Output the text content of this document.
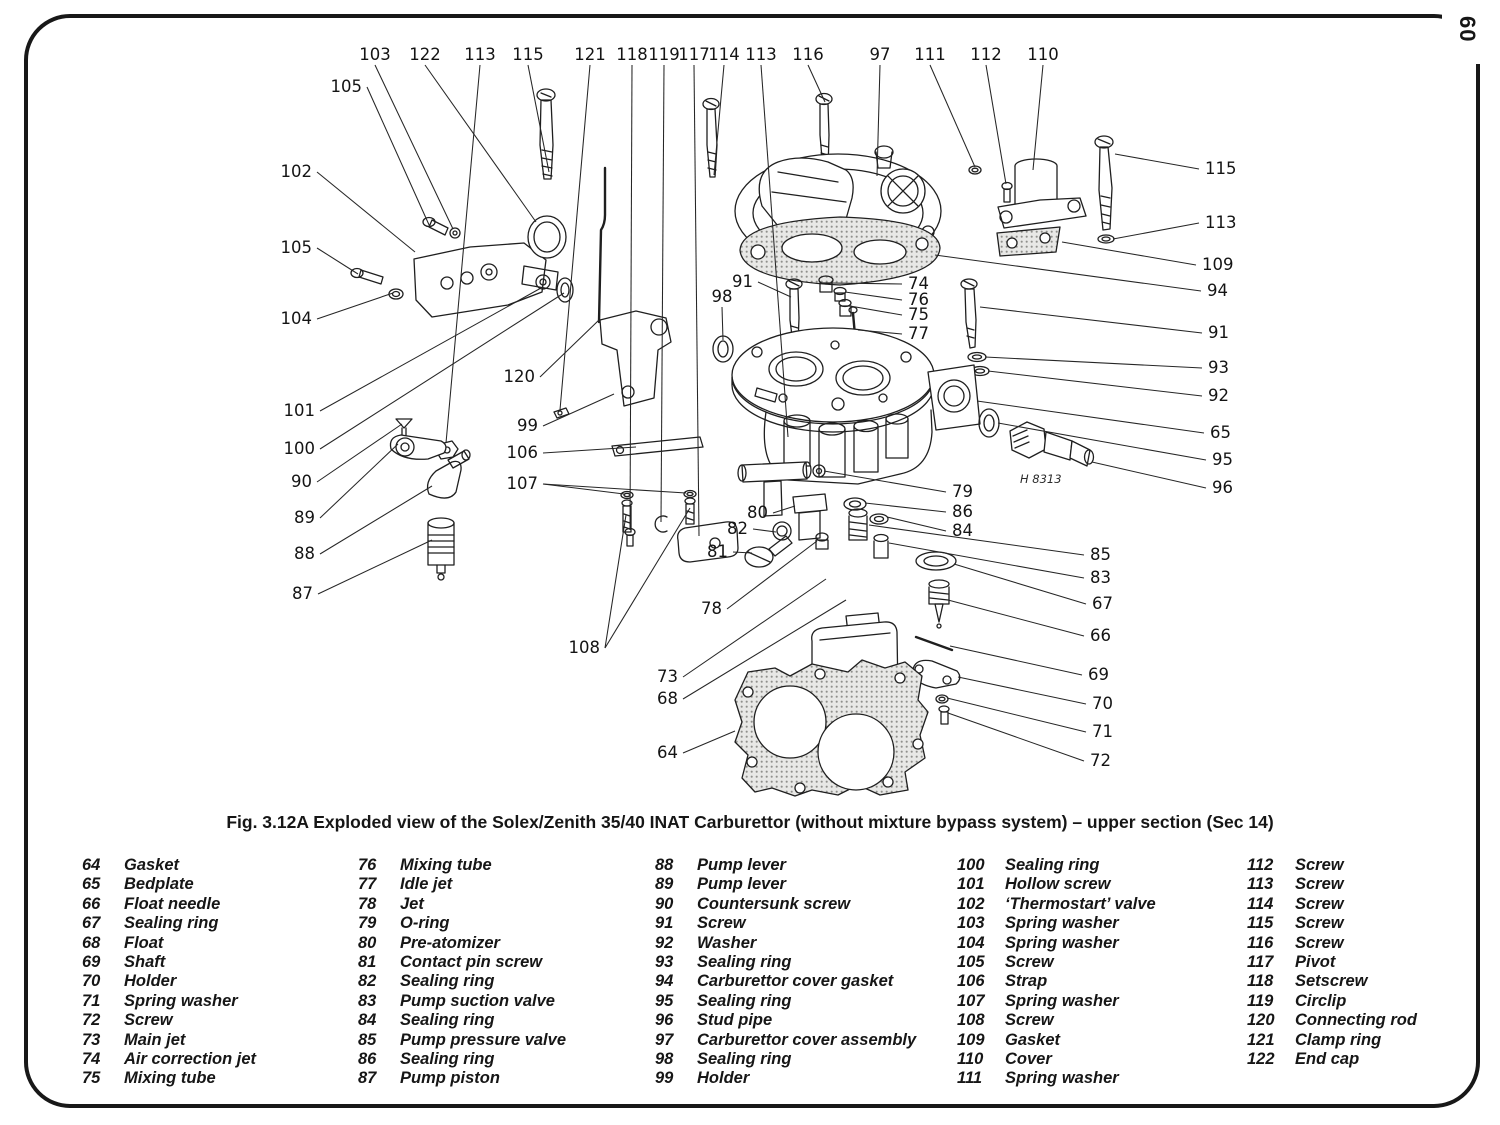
60
103 122 113 115 121 118 119
117
114 113 116	97 111 112 110
105
102
105
104
101
100
90
89
88
87
120
99
106
107
108
82
81
80
78
73
68
64
91
98
115
113
109
94
74
76
75
77	91
93
92
65
95
96
79
86
84
85
83
67
66
69
70
71
72
H 8313
Fig. 3.12A Exploded view of the Solex/Zenith 35/40 INAT Carburettor (without mixture bypass system) – upper section (Sec 14)
64	Gasket
65	Bedplate
66	Float needle
67	Sealing ring
68	Float
69	Shaft
70	Holder
71	Spring washer
72	Screw
73	Main jet
74	Air correction jet
75	Mixing tube
76	Mixing tube
77	Idle jet
78	Jet
79	O-ring
80	Pre-atomizer
81	Contact pin screw
82	Sealing ring
83	Pump suction valve
84	Sealing ring
85	Pump pressure valve
86	Sealing ring
87	Pump piston
88	Pump lever
89	Pump lever
90	Countersunk screw
91	Screw
92	Washer
93	Sealing ring
94	Carburettor cover gasket
95	Sealing ring
96	Stud pipe
97	Carburettor cover assembly
98	Sealing ring
99	Holder
100	Sealing ring
101	Hollow screw
102	‘Thermostart’ valve
103	Spring washer
104	Spring washer
105	Screw
106	Strap
107	Spring washer
108	Screw
109	Gasket
110	Cover
111	Spring washer
112	Screw
113	Screw
114	Screw
115	Screw
116	Screw
117	Pivot
118	Setscrew
119	Circlip
120	Connecting rod
121	Clamp ring
122	End cap
